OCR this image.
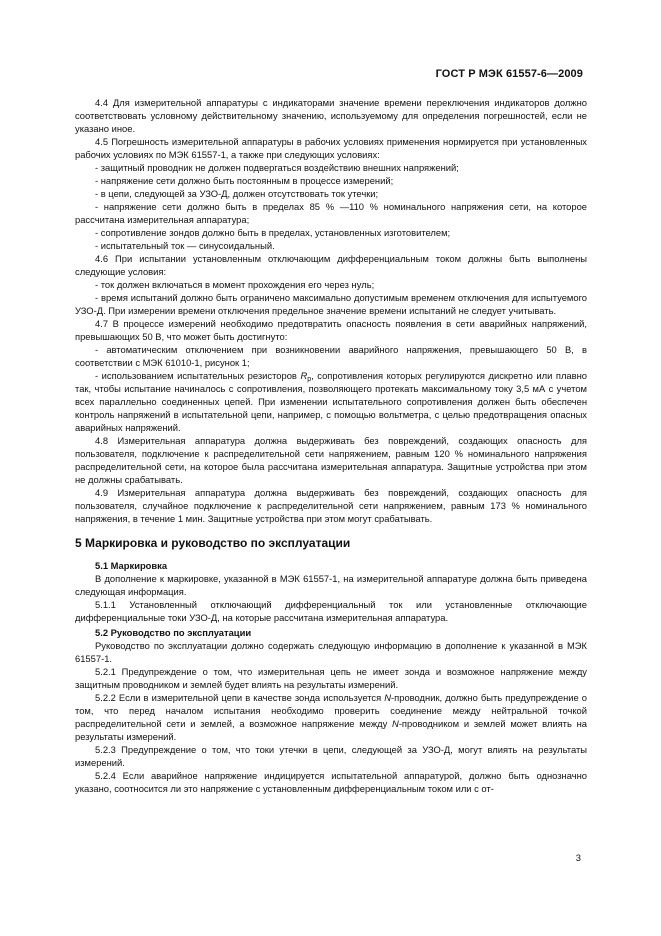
ГОСТ Р МЭК 61557-6—2009

4.4 Для измерительной аппаратуры с индикаторами значение времени переключения индикаторов должно соответствовать условному действительному значению, используемому для определения погрешностей, если не указано иное.

4.5 Погрешность измерительной аппаратуры в рабочих условиях применения нормируется при установленных рабочих условиях по МЭК 61557-1, а также при следующих условиях:

- защитный проводник не должен подвергаться воздействию внешних напряжений;

- напряжение сети должно быть постоянным в процессе измерений;

- в цепи, следующей за УЗО-Д, должен отсутствовать ток утечки;

- напряжение сети должно быть в пределах 85 % —110 % номинального напряжения сети, на которое рассчитана измерительная аппаратура;

- сопротивление зондов должно быть в пределах, установленных изготовителем;

- испытательный ток — синусоидальный.

4.6 При испытании установленным отключающим дифференциальным током должны быть выполнены следующие условия:

- ток должен включаться в момент прохождения его через нуль;

- время испытаний должно быть ограничено максимально допустимым временем отключения для испытуемого УЗО-Д. При измерении времени отключения предельное значение времени испытаний не следует учитывать.

4.7 В процессе измерений необходимо предотвратить опасность появления в сети аварийных напряжений, превышающих 50 В, что может быть достигнуто:

- автоматическим отключением при возникновении аварийного напряжения, превышающего 50 В, в соответствии с МЭК 61010-1, рисунок 1;

- использованием испытательных резисторов $R_p$, сопротивления которых регулируются дискретно или плавно так, чтобы испытание начиналось с сопротивления, позволяющего протекать максимальному току 3,5 мА с учетом всех параллельно соединенных цепей. При изменении испытательного сопротивления должен быть обеспечен контроль напряжений в испытательной цепи, например, с помощью вольтметра, с целью предотвращения опасных аварийных напряжений.

4.8 Измерительная аппаратура должна выдерживать без повреждений, создающих опасность для пользователя, подключение к распределительной сети напряжением, равным 120 % номинального напряжения распределительной сети, на которое была рассчитана измерительная аппаратура. Защитные устройства при этом не должны срабатывать.

4.9 Измерительная аппаратура должна выдерживать без повреждений, создающих опасность для пользователя, случайное подключение к распределительной сети напряжением, равным 173 % номинального напряжения, в течение 1 мин. Защитные устройства при этом могут срабатывать.

5 Маркировка и руководство по эксплуатации

5.1 Маркировка

В дополнение к маркировке, указанной в МЭК 61557-1, на измерительной аппаратуре должна быть приведена следующая информация.

5.1.1 Установленный отключающий дифференциальный ток или установленные отключающие дифференциальные токи УЗО-Д, на которые рассчитана измерительная аппаратура.

5.2 Руководство по эксплуатации

Руководство по эксплуатации должно содержать следующую информацию в дополнение к указанной в МЭК 61557-1.

5.2.1 Предупреждение о том, что измерительная цепь не имеет зонда и возможное напряжение между защитным проводником и землей будет влиять на результаты измерений.

5.2.2 Если в измерительной цепи в качестве зонда используется N-проводник, должно быть предупреждение о том, что перед началом испытания необходимо проверить соединение между нейтральной точкой распределительной сети и землей, а возможное напряжение между N-проводником и землей может влиять на результаты измерений.

5.2.3 Предупреждение о том, что токи утечки в цепи, следующей за УЗО-Д, могут влиять на результаты измерений.

5.2.4 Если аварийное напряжение индицируется испытательной аппаратурой, должно быть однозначно указано, соотносится ли это напряжение с установленным дифференциальным током или с от-

3
